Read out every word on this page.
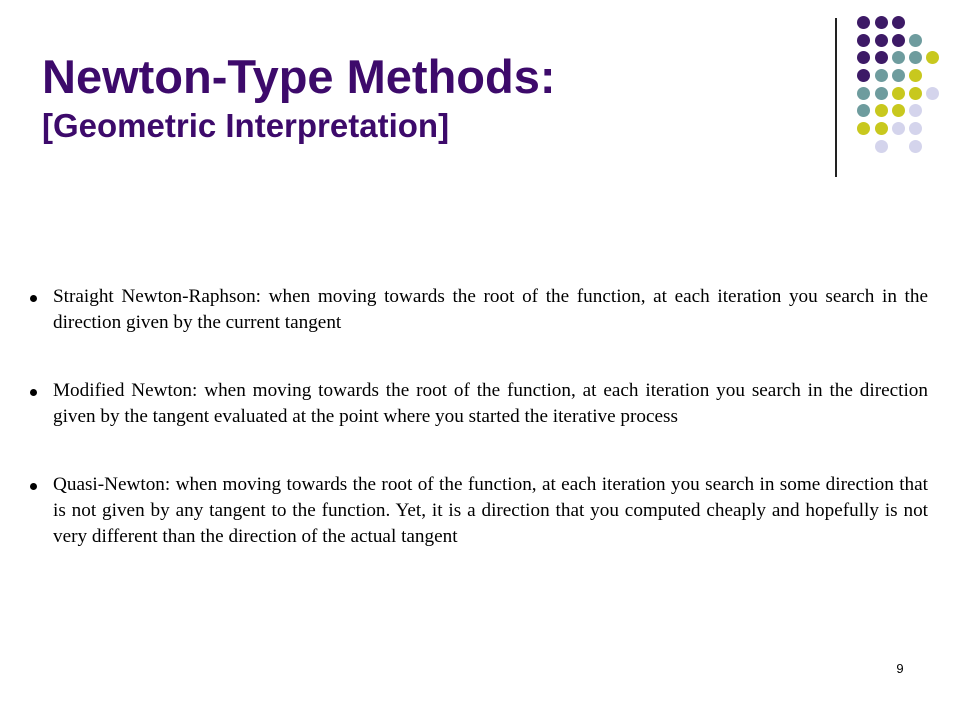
Newton-Type Methods:
[Geometric Interpretation]
Straight Newton-Raphson: when moving towards the root of the function, at each iteration you search in the direction given by the current tangent
Modified Newton: when moving towards the root of the function, at each iteration you search in the direction given by the tangent evaluated at the point where you started the iterative process
Quasi-Newton: when moving towards the root of the function, at each iteration you search in some direction that is not given by any tangent to the function. Yet, it is a direction that you computed cheaply and hopefully is not very different than the direction of the actual tangent
9
